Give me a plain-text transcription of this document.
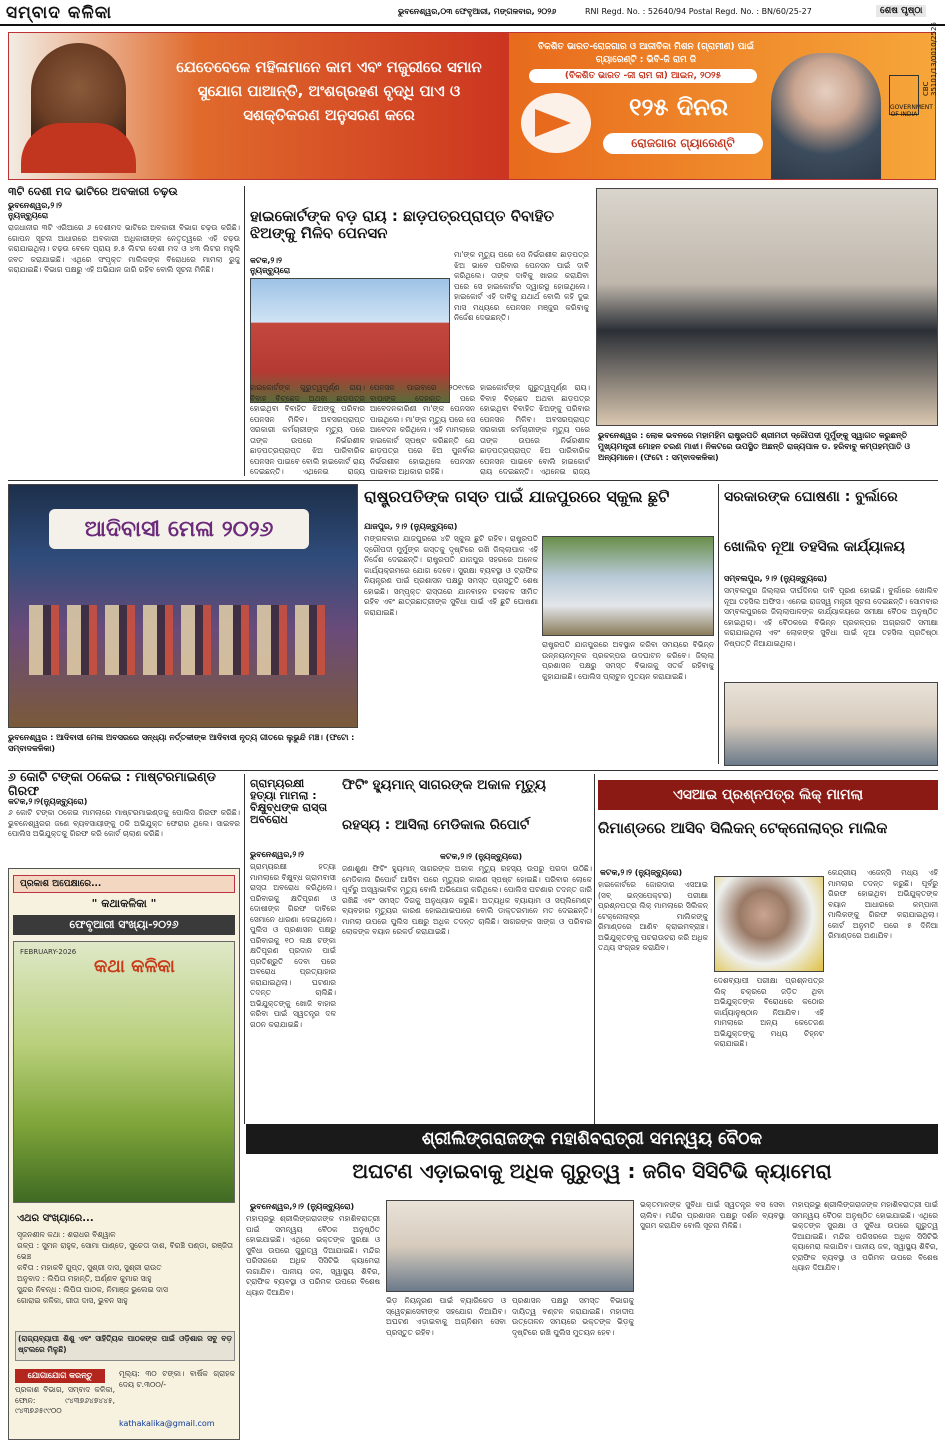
ସମ୍ବାଦ କଳିକା	ଭୁବନେଶ୍ୱର,୦୩ ଫେବୃଆରୀ, ମଙ୍ଗଳବାର, ୨୦୨୬	RNI Regd. No. : 52640/94 Postal Regd. No. : BN/60/25-27	ଶେଷ ପୃଷ୍ଠା
ଯେତେବେଳେ ମହିଳାମାନେ କାମ ଏବଂ ମଜୁରୀରେ ସମାନ ସୁଯୋଗ ପାଆନ୍ତି, ଅଂଶଗ୍ରହଣ ବୃଦ୍ଧି ପାଏ ଓ ସଶକ୍ତିକରଣ ଅନୁସରଣ କରେ
ବିକଶିତ ଭାରତ-ରୋଜଗାର ଓ ଆଜୀବିକା ମିଶନ (ଗ୍ରାମୀଣ) ପାଇଁ ଗ୍ୟାରେଣ୍ଟି : ଭିବି-ଜି ରାମ ଜି
(ବିକଶିତ ଭାରତ -ଜୀ ରାମ ଜୀ) ଆଇନ, ୨୦୨୫
୧୨୫ ଦିନର
ରୋଜଗାର ଗ୍ୟାରେଣ୍ଟି
GOVERNMENT OF INDIA
CBC 35101/13/0010/2526
୩ଟି ଦେଶୀ ମଦ ଭାଟିରେ ଅବକାରୀ ଚଢ଼ଉ
ଭୁବନେଶ୍ୱର,୨।୨
ନ୍ୟୁଜ୍‌ବ୍ୟୁରୋ
ରାଜଧାନୀର ୩ଟି ଏରିଆରେ ୬ ଦେଶୀମଦ ଭାଟିରେ ଅବକାରୀ ବିଭାଗ ଚଢ଼ଉ କରିଛି। ଗୋପନ ସୂଚନା ଆଧାରରେ ଅବକାରୀ ଅଧିକାରୀଙ୍କ ନେତୃତ୍ୱରେ ଏହି ଚଢ଼ଉ କରାଯାଇଥିଲା। ଚଢ଼ଉ ବେଳେ ପ୍ରାୟ ୭.୫ ଲିଟର ଦେଶୀ ମଦ ଓ ୪୩ ଲିଟର ମହୁଲି ଜବତ କରାଯାଇଛି। ଏଥିରେ ସଂପୃକ୍ତ ମାଲିକଙ୍କ ବିରୋଧରେ ମାମଲା ରୁଜୁ କରାଯାଇଛି। ବିଭାଗ ପକ୍ଷରୁ ଏହି ଅଭିଯାନ ଜାରି ରହିବ ବୋଲି ସୂଚନା ମିଳିଛି।
ହାଇକୋର୍ଟଙ୍କ ବଡ଼ ରାୟ : ଛାଡ଼ପତ୍ରପ୍ରାପ୍ତ ବିବାହିତ ଝିଅଙ୍କୁ ମିଳିବ ପେନସନ
କଟକ,୨।୨
ନ୍ୟୁଜ୍‌ବ୍ୟୁରୋ
ମା'ଙ୍କ ମୃତ୍ୟୁ ପରେ ସେ ନିର୍ଭରଶୀଳ ଛାଡ଼ପତ୍ର ଝିଅ ଭାବେ ପରିବାର ପେନସନ ପାଇଁ ଦାବି କରିଥିଲେ। ତାଙ୍କ ଦାବିକୁ ଖାରଜ କରାଯିବା ପରେ ସେ ହାଇକୋର୍ଟର ଦ୍ୱାରସ୍ଥ ହୋଇଥିଲେ। ହାଇକୋର୍ଟ ଏହି ଦାବିକୁ ଯଥାର୍ଥ ବୋଲି କହି ଦୁଇ ମାସ ମଧ୍ୟରେ ପେନସନ ମଞ୍ଜୁର କରିବାକୁ ନିର୍ଦ୍ଦେଶ ଦେଇଛନ୍ତି।
ହାଇକୋର୍ଟଙ୍କ ଗୁରୁତ୍ୱପୂର୍ଣ୍ଣ ରାୟ। ବିବାହ ବିଚ୍ଛେଦ ଅଥବା ଛାଡ଼ପତ୍ର ହୋଇଥିବା ବିବାହିତ ଝିଅଙ୍କୁ ପରିବାର ପେନସନ ମିଳିବ। ଅବସରପ୍ରାପ୍ତ ସରକାରୀ କର୍ମଚାରୀଙ୍କ ମୃତ୍ୟୁ ପରେ ତାଙ୍କ ଉପରେ ନିର୍ଭରଶୀଳ ଛାଡ଼ପତ୍ରପ୍ରାପ୍ତ ଝିଅ ପାରିବାରିକ ପେନସନ ପାଇବେ ବୋଲି ହାଇକୋର୍ଟ ରାୟ ଦେଇଛନ୍ତି। ଏଥିନେଇ ରାଜ୍ୟ
ପେନସନ ପାଇବାରେ ୨୦୧୯ରେ ବାପାଙ୍କ ଦେହାନ୍ତ ପରେ ଆବେଦନକାରିଣୀ ମା'ଙ୍କ ପେନସନ ପାଇଥିଲେ। ମା'ଙ୍କ ମୃତ୍ୟୁ ପରେ ସେ ଆବେଦନ କରିଥିଲେ। ଏହି ମାମଲାରେ ହାଇକୋର୍ଟ ସ୍ପଷ୍ଟ କରିଛନ୍ତି ଯେ ଛାଡ଼ପତ୍ର ପରେ ଝିଅ ପୁନର୍ବାର ନିର୍ଭରଶୀଳ ହୋଇଥିଲେ ପେନସନ ପାଇବାର ଅଧିକାର ରହିଛି।
ହାଇକୋର୍ଟଙ୍କ ଗୁରୁତ୍ୱପୂର୍ଣ୍ଣ ରାୟ। ବିବାହ ବିଚ୍ଛେଦ ଅଥବା ଛାଡ଼ପତ୍ର ହୋଇଥିବା ବିବାହିତ ଝିଅଙ୍କୁ ପରିବାର ପେନସନ ମିଳିବ। ଅବସରପ୍ରାପ୍ତ ସରକାରୀ କର୍ମଚାରୀଙ୍କ ମୃତ୍ୟୁ ପରେ ତାଙ୍କ ଉପରେ ନିର୍ଭରଶୀଳ ଛାଡ଼ପତ୍ରପ୍ରାପ୍ତ ଝିଅ ପାରିବାରିକ ପେନସନ ପାଇବେ ବୋଲି ହାଇକୋର୍ଟ ରାୟ ଦେଇଛନ୍ତି। ଏଥିନେଇ ରାଜ୍ୟ
ଭୁବନେଶ୍ୱର : ଲୋକ ଭବନରେ ମହାମହିମ ରାଷ୍ଟ୍ରପତି ଶ୍ରୀମତୀ ଦ୍ରୌପଦୀ ମୁର୍ମୁଙ୍କୁ ସ୍ୱାଗତ କରୁଛନ୍ତି ମୁଖ୍ୟମନ୍ତ୍ରୀ ମୋହନ ଚରଣ ମାଝୀ। ନିକଟରେ ଉପସ୍ଥିତ ଅଛନ୍ତି ରାଜ୍ୟପାଳ ଡ. ହରିବାବୁ କମ୍ପହମ୍ପାତି ଓ ଅନ୍ୟମାନେ। (ଫଟୋ : ସମ୍ବାଦକଳିକା)
ଆଦିବାସୀ ମେଳା ୨୦୨୬
ଭୁବନେଶ୍ୱର : ଆଦିବାସୀ ମେଳା ଅବସରରେ ସନ୍ଧ୍ୟା ନର୍ତ୍ତକୀଙ୍କ ଆଦିବାସୀ ନୃତ୍ୟ ଗୀତରେ ଲୁଭୁନ୍ଦି ମଞ୍ଚ। (ଫଟୋ : ସମ୍ବାଦକଳିକା)
ରାଷ୍ଟ୍ରପତିଙ୍କ ଗସ୍ତ ପାଇଁ ଯାଜପୁରରେ ସ୍କୁଲ ଛୁଟି
ଯାଜପୁର, ୨।୨ (ନ୍ୟୁଜ୍‌ବ୍ୟୁରୋ)
ମଙ୍ଗଳବାର ଯାଜପୁରରେ ୪ଟି ସ୍କୁଲ ଛୁଟି ରହିବ। ରାଷ୍ଟ୍ରପତି ଦ୍ରୌପଦୀ ମୁର୍ମୁଙ୍କ ଗସ୍ତକୁ ଦୃଷ୍ଟିରେ ରଖି ଜିଲ୍ଲାପାଳ ଏହି ନିର୍ଦ୍ଦେଶ ଦେଇଛନ୍ତି। ରାଷ୍ଟ୍ରପତି ଯାଜପୁର ସହରରେ ଅନେକ କାର୍ଯ୍ୟକ୍ରମରେ ଯୋଗ ଦେବେ। ସୁରକ୍ଷା ବ୍ୟବସ୍ଥା ଓ ଟ୍ରାଫିକ ନିୟନ୍ତ୍ରଣ ପାଇଁ ପ୍ରଶାସନ ପକ୍ଷରୁ ସମସ୍ତ ପ୍ରସ୍ତୁତି ଶେଷ ହୋଇଛି। ସମ୍ପୃକ୍ତ ରାସ୍ତାରେ ଯାନବାହନ ଚଳାଚଳ ସୀମିତ ରହିବ ଏବଂ ଛାତ୍ରଛାତ୍ରୀଙ୍କ ସୁବିଧା ପାଇଁ ଏହି ଛୁଟି ଘୋଷଣା କରାଯାଇଛି।
ରାଷ୍ଟ୍ରପତି ଯାଜପୁରରେ ଅବସ୍ଥାନ କରିବା ସମୟରେ ବିଭିନ୍ନ ଉନ୍ନୟନମୂଳକ ପ୍ରକଳ୍ପର ଉଦଘାଟନ କରିବେ। ଜିଲ୍ଲା ପ୍ରଶାସନ ପକ୍ଷରୁ ସମସ୍ତ ବିଭାଗକୁ ସତର୍କ ରହିବାକୁ କୁହାଯାଇଛି। ପୋଲିସ ପ୍ଲାଟୁନ ମୁତୟନ କରାଯାଇଛି।
ସରକାରଙ୍କ ଘୋଷଣା : ବୁର୍ଲାରେ
ଖୋଲିବ ନୂଆ ତହସିଲ କାର୍ଯ୍ୟାଳୟ
ସମ୍ବଲପୁର, ୨।୨ (ନ୍ୟୁଜ୍‌ବ୍ୟୁରୋ)
ସମ୍ବଲପୁର ଜିଲ୍ଲାର ଦୀର୍ଘଦିନର ଦାବି ପୂରଣ ହୋଇଛି। ବୁର୍ଲାରେ ଖୋଲିବ ନୂଆ ତହସିଲ ଅଫିସ। ଏନେଇ ରାଜସ୍ୱ ମନ୍ତ୍ରୀ ସୂଚନା ଦେଇଛନ୍ତି। ସୋମବାର ସମ୍ବଲପୁରରେ ଜିଲ୍ଲାପାଳଙ୍କ କାର୍ଯ୍ୟାଳୟରେ ସମୀକ୍ଷା ବୈଠକ ଅନୁଷ୍ଠିତ ହୋଇଥିଲା। ଏହି ବୈଠକରେ ବିଭିନ୍ନ ପ୍ରକଳ୍ପର ଅଗ୍ରଗତି ସମୀକ୍ଷା କରାଯାଇଥିଲା ଏବଂ ଲୋକଙ୍କ ସୁବିଧା ପାଇଁ ନୂଆ ତହସିଲ ପ୍ରତିଷ୍ଠା ନିଷ୍ପତ୍ତି ନିଆଯାଇଥିଲା।
୬ କୋଟି ଟଙ୍କା ଠକେଇ : ମାଷ୍ଟରମାଇଣ୍ଡ ଗିରଫ
କଟକ,୨।୨(ନ୍ୟୁଜ୍‌ବ୍ୟୁରୋ)
୬ କୋଟି ଟଙ୍କା ଠକେଇ ମାମଲାରେ ମାଷ୍ଟରମାଇଣ୍ଡକୁ ପୋଲିସ ଗିରଫ କରିଛି। ଭୁବନେଶ୍ୱରର ଜଣେ ବ୍ୟବସାୟୀଙ୍କୁ ଠକି ଅଭିଯୁକ୍ତ ଫେରାର ଥିଲେ। ସାଇବର ପୋଲିସ ଅଭିଯୁକ୍ତକୁ ଗିରଫ କରି କୋର୍ଟ ଚାଲାଣ କରିଛି।
ଗ୍ରାମ୍ୟରକ୍ଷୀ ହତ୍ୟା ମାମଲା : ବିକ୍ଷୁବ୍ଧଙ୍କ ରାସ୍ତା ଅବରୋଧ
ଭୁବନେଶ୍ୱର,୨।୨
ଗ୍ରାମ୍ୟରକ୍ଷୀ ହତ୍ୟା ମାମଲାରେ ବିକ୍ଷୁବ୍ଧ ଗ୍ରାମବାସୀ ରାସ୍ତା ଅବରୋଧ କରିଥିଲେ। ପରିବାରକୁ କ୍ଷତିପୂରଣ ଓ ଦୋଷୀଙ୍କ ଗିରଫ ଦାବିରେ ସେମାନେ ଧାରଣା ଦେଇଥିଲେ। ପୁଲିସ ଓ ପ୍ରଶାସନ ପକ୍ଷରୁ ପରିବାରକୁ ୧୦ ଲକ୍ଷ ଟଙ୍କା କ୍ଷତିପୂରଣ ପ୍ରଦାନ ପାଇଁ ପ୍ରତିଶ୍ରୁତି ଦେବା ପରେ ଅବରୋଧ ପ୍ରତ୍ୟାହାର କରାଯାଇଥିଲା। ଘଟଣାର ତଦନ୍ତ ଚାଲିଛି। ଅଭିଯୁକ୍ତଙ୍କୁ ଖୋଜି ବାହାର କରିବା ପାଇଁ ସ୍ୱତନ୍ତ୍ର ଦଳ ଗଠନ କରାଯାଇଛି।
ଫିଟିଂ ହ୍ୟୁମାନ୍ ସାଗରଙ୍କ ଅକାଳ ମୃତ୍ୟୁ
ରହସ୍ୟ : ଆସିଲା ମେଡିକାଲ ରିପୋର୍ଟ
କଟକ,୨।୨ (ନ୍ୟୁଜ୍‌ବ୍ୟୁରୋ)
ଜଣାଶୁଣା ଫିଟିଂ ହ୍ୟୁମାନ୍ ସାଗରଙ୍କ ଅକାଳ ମୃତ୍ୟୁ ରହସ୍ୟ ଉପରୁ ପରଦା ଉଠିଛି। ମେଡିକାଲ ରିପୋର୍ଟ ଆସିବା ପରେ ମୃତ୍ୟୁର କାରଣ ସ୍ପଷ୍ଟ ହୋଇଛି। ପରିବାର ଲୋକେ ପୂର୍ବରୁ ଅସ୍ୱାଭାବିକ ମୃତ୍ୟୁ ବୋଲି ଅଭିଯୋଗ କରିଥିଲେ। ପୋଲିସ ଘଟଣାର ତଦନ୍ତ ଜାରି ରଖିଛି ଏବଂ ସମସ୍ତ ଦିଗକୁ ଅନୁଧ୍ୟାନ କରୁଛି। ଅତ୍ୟଧିକ ବ୍ୟାୟାମ ଓ ସପ୍ଲିମେଣ୍ଟ ବ୍ୟବହାର ମୃତ୍ୟୁର କାରଣ ହୋଇଥାଇପାରେ ବୋଲି ଡାକ୍ତରମାନେ ମତ ଦେଇଛନ୍ତି। ମାମଲା ଉପରେ ପୁଲିସ ପକ୍ଷରୁ ଅଧିକ ତଦନ୍ତ ଚାଲିଛି। ସାଗରଙ୍କ ସାଙ୍ଗ ଓ ପରିବାର ଲୋକଙ୍କ ବୟାନ ରେକର୍ଡ କରାଯାଇଛି।
ଏସଆଇ ପ୍ରଶ୍ନପତ୍ର ଲିକ୍ ମାମଲା
ରିମାଣ୍ଡରେ ଆସିବ ସିଲିକନ୍ ଟେକ୍ନୋଲାବ୍‌ର ମାଲିକ
କଟକ,୨।୨ (ନ୍ୟୁଜ୍‌ବ୍ୟୁରୋ)
ହାଇକୋର୍ଟରେ ଜୋରଦାର ଏସଆଇ (ସବ୍ ଇନ୍ସପେକ୍ଟର) ପରୀକ୍ଷା ପ୍ରଶ୍ନପତ୍ର ଲିକ୍ ମାମଲାରେ ସିଲିକନ୍ ଟେକ୍ନୋଲାବ୍‌ର ମାଲିକଙ୍କୁ ରିମାଣ୍ଡରେ ଆଣିବ କ୍ରାଇମବ୍ରାଞ୍ଚ। ଅଭିଯୁକ୍ତଙ୍କୁ ପଚରାଉଚରା କରି ଅଧିକ ତଥ୍ୟ ସଂଗ୍ରହ କରାଯିବ।
ଦେଶବ୍ୟାପୀ ପରୀକ୍ଷା ପ୍ରଶ୍ନପତ୍ର ଲିକ୍ ଚକ୍ରରେ ଜଡ଼ିତ ଥିବା ଅଭିଯୁକ୍ତଙ୍କ ବିରୋଧରେ କଠୋର କାର୍ଯ୍ୟାନୁଷ୍ଠାନ ନିଆଯିବ। ଏହି ମାମଲାରେ ଅନ୍ୟ କେତେଜଣ ଅଭିଯୁକ୍ତଙ୍କୁ ମଧ୍ୟ ଚିହ୍ନଟ କରାଯାଇଛି।
କେନ୍ଦ୍ରୀୟ ଏଜେନ୍ସି ମଧ୍ୟ ଏହି ମାମଲାର ତଦନ୍ତ କରୁଛି। ପୂର୍ବରୁ ଗିରଫ ହୋଇଥିବା ଅଭିଯୁକ୍ତଙ୍କ ବୟାନ ଆଧାରରେ କମ୍ପାନୀ ମାଲିକଙ୍କୁ ଗିରଫ କରାଯାଇଥିଲା। କୋର୍ଟ ଅନୁମତି ପରେ ୫ ଦିନିଆ ରିମାଣ୍ଡରେ ଅଣାଯିବ।
ପ୍ରକାଶ ଅପେକ୍ଷାରେ...
" କଥାକଳିକା "
ଫେବୃଆରୀ ସଂଖ୍ୟା-୨୦୨୬
FEBRUARY-2026
କଥା କଳିକା
ଏଥର ସଂଖ୍ୟାରେ...
ସୃଜନଶୀଳ କଥା : ଶରାଧର ବିଶ୍ୱାଳ
ଗଳ୍ପ : ସୁମନ ରାହୁଳ, ସୋମା ପାଣ୍ଡେ, ସୁଚେତା ଦାଶ, ବିରଞ୍ଚି ପଣ୍ଡା, ରଞ୍ଜିତା ଭେଞ୍ଚ
କବିତା : ମହାକବି ଗୁପ୍ତ, ସୁଶ୍ରୀ ଦାସ, ସୁଶ୍ରୀ ରାଉତ
ଅନୁବାଦ : ଲିପିତା ମହାନ୍ତି, ଅର୍ଣ୍ଣବ କୁମାର ସାହୁ
ସୁନ୍ଦର ନିବନ୍ଧ : ଲିପିତା ପାଠକ, ନିମାଞ୍ଜ ଭୁଲେଇ ଦାସ
ଗୋରାଇ କଳିକା, ଗୀତା ଦାସ, ଭୁବନ ସାହୁ
(ରାଜ୍ୟବ୍ୟାପୀ ଶିଶୁ ଏବଂ ସାହିତ୍ୟିକ ପାଠକଙ୍କ ପାଇଁ ଓଡ଼ିଶାର ସବୁ ବଡ଼ ଷ୍ଟଲରେ ମିଳୁଛି)
ଯୋଗାଯୋଗ କରନ୍ତୁ
ପ୍ରକାଶ ବିଭାଗ, ସମ୍ବାଦ କଳିକା, ଫୋନ: ୯୪୩୭୬୪୭୪୪୫, ୯୪୩୭୬୫୯୯୦୦
ମୂଲ୍ୟ: ୩୦ ଟଙ୍କା। ବାର୍ଷିକ ଗ୍ରାହକ ଦେୟ ଟ.୩୦୦/-
kathakalika@gmail.com
ଶ୍ରୀଲିଙ୍ଗରାଜଙ୍କ ମହାଶିବରାତ୍ରୀ ସମନ୍ୱୟ ବୈଠକ
ଅଘଟଣ ଏଡ଼ାଇବାକୁ ଅଧିକ ଗୁରୁତ୍ୱ : ଜଗିବ ସିସିଟିଭି କ୍ୟାମେରା
ଭୁବନେଶ୍ୱର,୨।୨ (ନ୍ୟୁଜ୍‌ବ୍ୟୁରୋ)
ମହାପ୍ରଭୁ ଶ୍ରୀଲିଙ୍ଗରାଜଙ୍କ ମହାଶିବରାତ୍ରୀ ପାଇଁ ସମନ୍ୱୟ ବୈଠକ ଅନୁଷ୍ଠିତ ହୋଇଯାଇଛି। ଏଥିରେ ଭକ୍ତଙ୍କ ସୁରକ୍ଷା ଓ ସୁବିଧା ଉପରେ ଗୁରୁତ୍ୱ ଦିଆଯାଇଛି। ମନ୍ଦିର ପରିସରରେ ଅଧିକ ସିସିଟିଭି କ୍ୟାମେରା ଲଗାଯିବ। ପାନୀୟ ଜଳ, ସ୍ୱାସ୍ଥ୍ୟ ଶିବିର, ଟ୍ରାଫିକ ବ୍ୟବସ୍ଥା ଓ ପରିମଳ ଉପରେ ବିଶେଷ ଧ୍ୟାନ ଦିଆଯିବ।
ଭିଡ଼ ନିୟନ୍ତ୍ରଣ ପାଇଁ ବ୍ୟାରିକେଡ ଓ ସ୍ୱେଚ୍ଛାସେବୀଙ୍କ ସହଯୋଗ ନିଆଯିବ। ଅଘଟଣ ଏଡ଼ାଇବାକୁ ଅଗ୍ନିଶମ ସେବା ପ୍ରସ୍ତୁତ ରହିବ।
ପ୍ରଶାସନ ପକ୍ଷରୁ ସମସ୍ତ ବିଭାଗକୁ ଦାୟିତ୍ୱ ବଣ୍ଟନ କରାଯାଇଛି। ମହାଦୀପ ଉତ୍ତୋଳନ ସମୟରେ ଭକ୍ତଙ୍କ ଭିଡ଼କୁ ଦୃଷ୍ଟିରେ ରଖି ପୁଲିସ ମୁତୟନ ହେବ।
ଭକ୍ତମାନଙ୍କ ସୁବିଧା ପାଇଁ ସ୍ୱତନ୍ତ୍ର ବସ ସେବା ଚାଲିବ। ମନ୍ଦିର ପ୍ରଶାସନ ପକ୍ଷରୁ ଦର୍ଶନ ବ୍ୟବସ୍ଥା ସୁଗମ କରାଯିବ ବୋଲି ସୂଚନା ମିଳିଛି।
ମହାପ୍ରଭୁ ଶ୍ରୀଲିଙ୍ଗରାଜଙ୍କ ମହାଶିବରାତ୍ରୀ ପାଇଁ ସମନ୍ୱୟ ବୈଠକ ଅନୁଷ୍ଠିତ ହୋଇଯାଇଛି। ଏଥିରେ ଭକ୍ତଙ୍କ ସୁରକ୍ଷା ଓ ସୁବିଧା ଉପରେ ଗୁରୁତ୍ୱ ଦିଆଯାଇଛି। ମନ୍ଦିର ପରିସରରେ ଅଧିକ ସିସିଟିଭି କ୍ୟାମେରା ଲଗାଯିବ। ପାନୀୟ ଜଳ, ସ୍ୱାସ୍ଥ୍ୟ ଶିବିର, ଟ୍ରାଫିକ ବ୍ୟବସ୍ଥା ଓ ପରିମଳ ଉପରେ ବିଶେଷ ଧ୍ୟାନ ଦିଆଯିବ।
